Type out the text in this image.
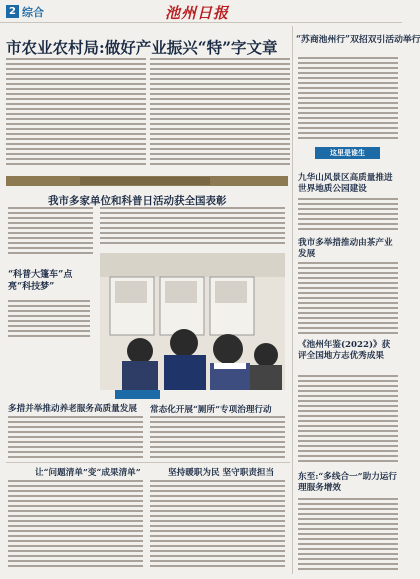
2 综合	池州日报
市农业农村局:做好产业振兴“特”字文章	“苏商池州行”双招双引活动举行
这里是谁生
我市多家单位和科普日活动获全国表彰
“科普大篷车”点亮“科技梦”
多措并举推动养老服务高质量发展 常态化开展“厕所”专项治理行动
让“问题清单”变“成果清单”	坚持暖职为民 坚守职责担当
九华山风景区高质量推进世界地质公园建设
我市多举措推动由茶产业发展
《池州年鉴(2022)》获评全国地方志优秀成果
东至:“多线合一”助力运行理服务增效
